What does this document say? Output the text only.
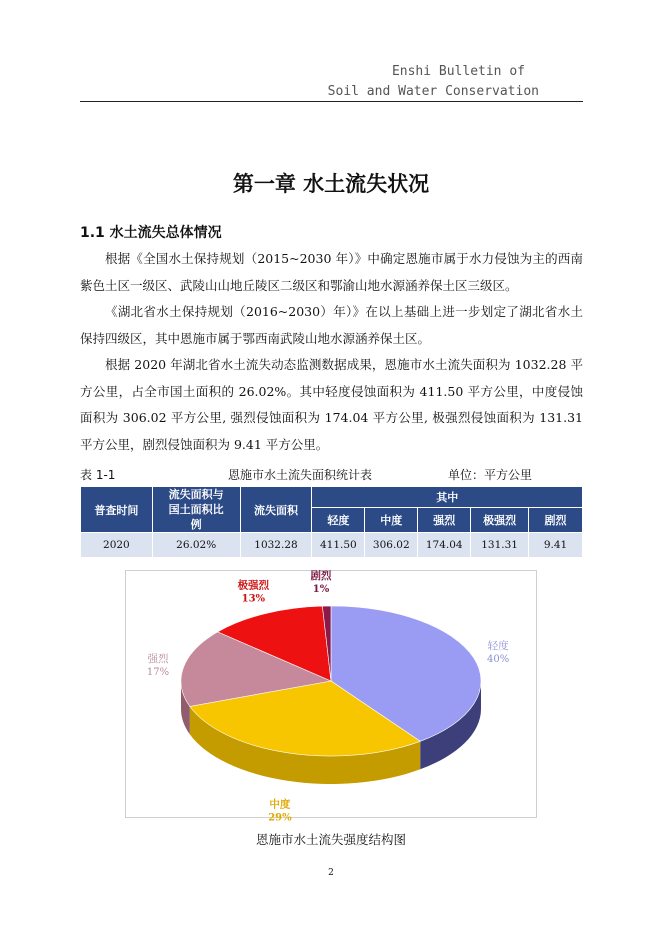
Enshi Bulletin of
Soil and Water Conservation
第一章 水土流失状况
1.1 水土流失总体情况
根据《全国水土保持规划（2015~2030 年）》中确定恩施市属于水力侵蚀为主的西南紫色土区一级区、武陵山山地丘陵区二级区和鄂渝山地水源涵养保土区三级区。
《湖北省水土保持规划（2016~2030）年）》在以上基础上进一步划定了湖北省水土保持四级区，其中恩施市属于鄂西南武陵山地水源涵养保土区。
根据 2020 年湖北省水土流失动态监测数据成果，恩施市水土流失面积为 1032.28 平方公里，占全市国土面积的 26.02%。其中轻度侵蚀面积为 411.50 平方公里，中度侵蚀面积为 306.02 平方公里, 强烈侵蚀面积为 174.04 平方公里, 极强烈侵蚀面积为 131.31 平方公里，剧烈侵蚀面积为 9.41 平方公里。
表 1-1	恩施市水土流失面积统计表	单位：平方公里
普查时间	流失面积与国土面积比例	流失面积	其中				
			轻度	中度	强烈	极强烈	剧烈
2020	26.02%	1032.28	411.50	306.02	174.04	131.31	9.41
轻度
40%
中度
29%
强烈
17%
极强烈
13%
剧烈
1%
恩施市水土流失强度结构图
2
